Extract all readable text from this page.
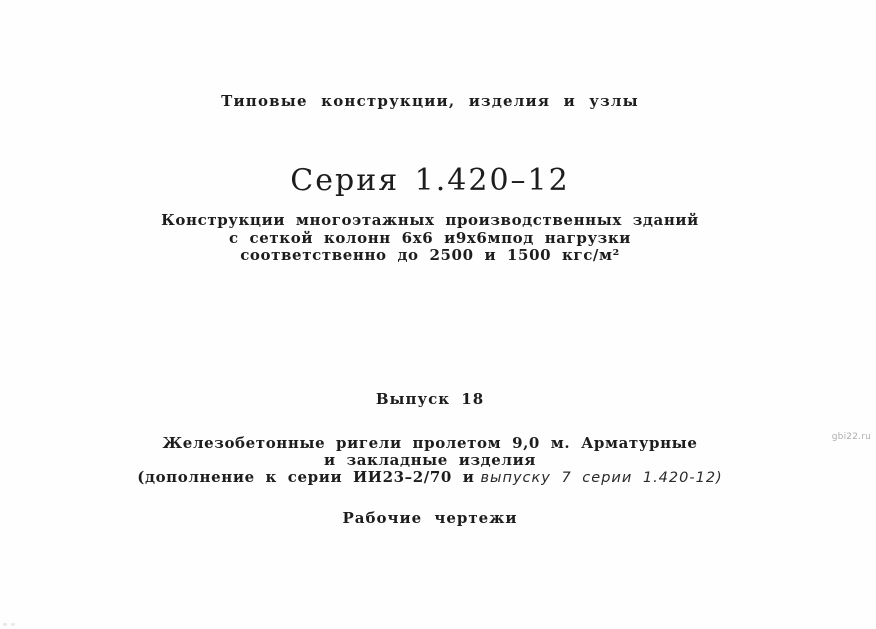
Типовые конструкции, изделия и узлы
Серия 1.420–12
Конструкции многоэтажных производственных зданий
с сеткой колонн 6х6 и9х6мпод нагрузки
соответственно до 2500 и 1500 кгс/м²
Выпуск 18
Железобетонные ригели пролетом 9,0 м. Арматурные
и закладные изделия
(дополнение к серии ИИ23–2/70 и выпуску 7 серии 1.420-12)
Рабочие чертежи
gbi22.ru
